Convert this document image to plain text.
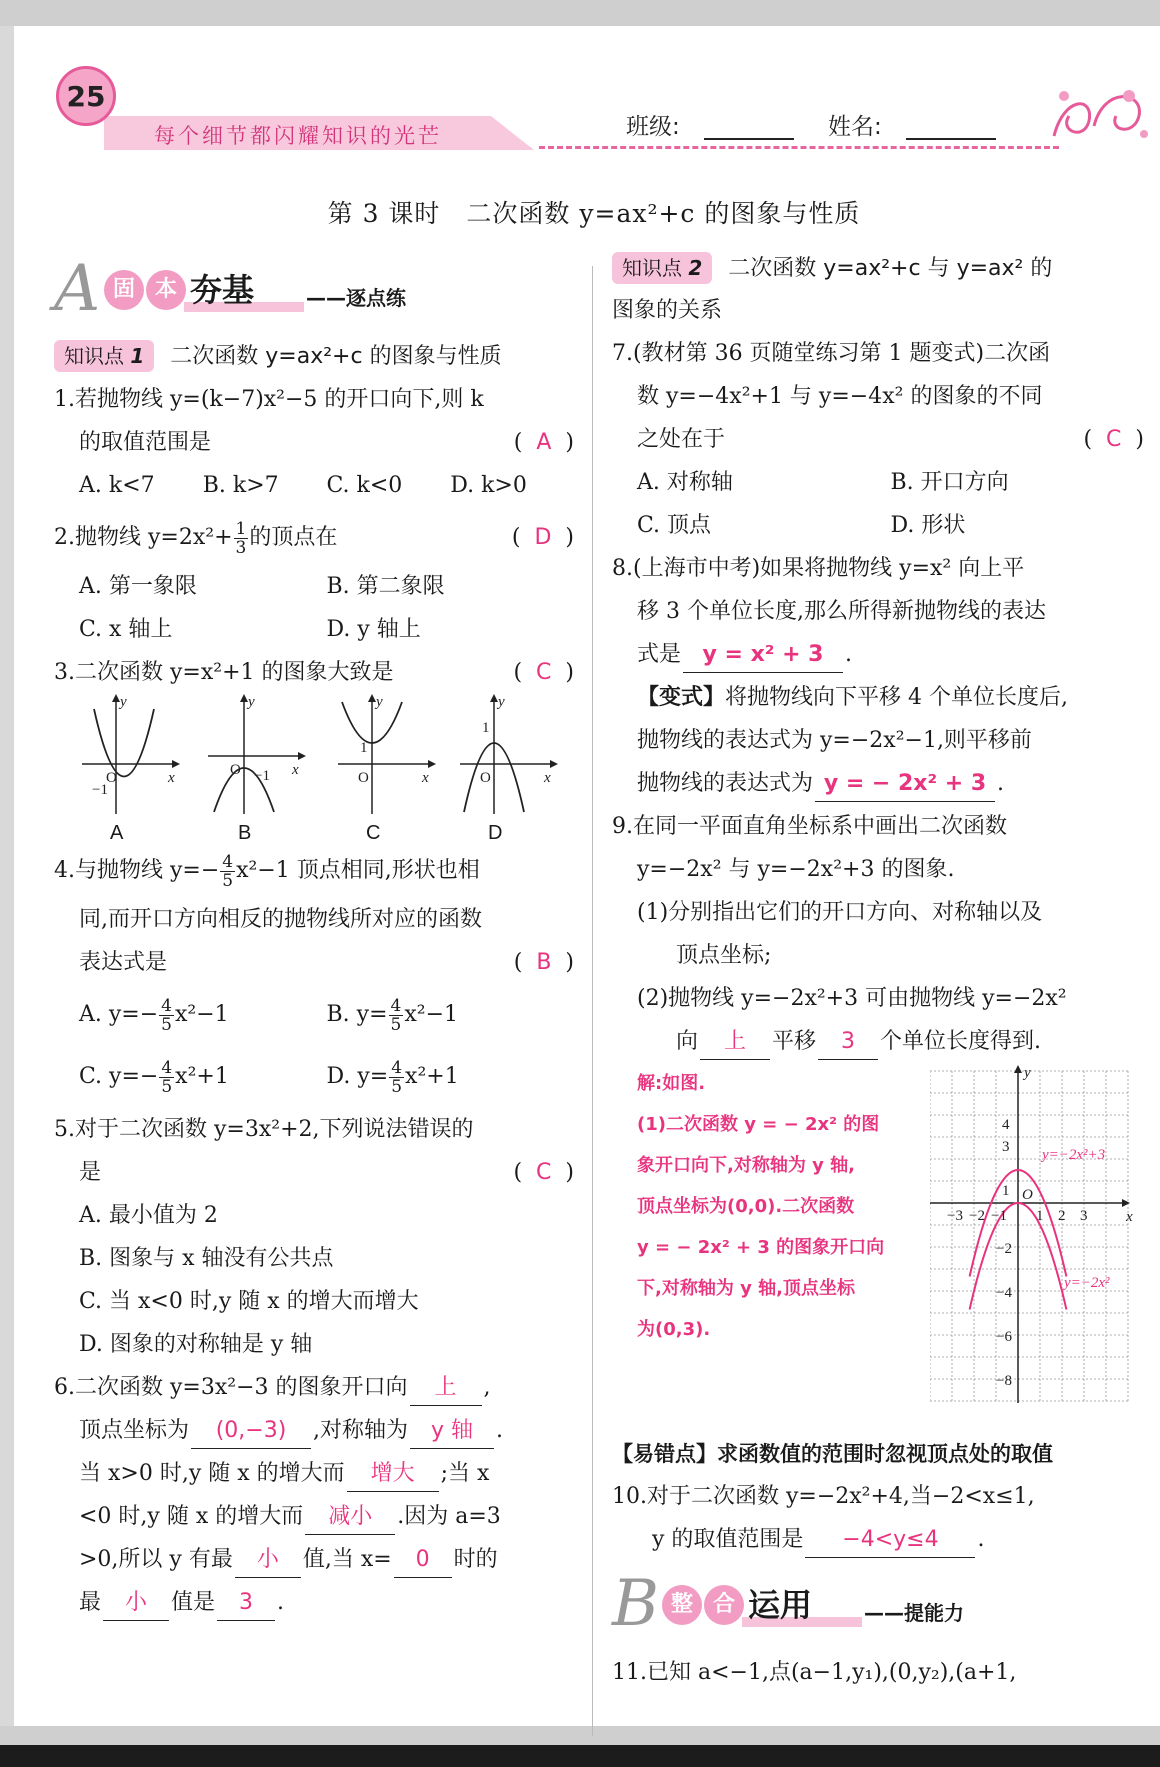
25
每个细节都闪耀知识的光芒	班级:	姓名:
第 3 课时　二次函数 y=ax²+c 的图象与性质
A 固 本 夯基	——逐点练
知识点 1 二次函数 y=ax²+c 的图象与性质
1.若抛物线 y=(k−7)x²−5 的开口向下,则 k
的取值范围是	( A )
A. k<7	B. k>7	C. k<0	D. k>0
2.抛物线 $y=2x^2+ \frac{1}{3}$ 的顶点在	( D )
A. 第一象限	B. 第二象限
C. x 轴上	D. y 轴上
3.二次函数 y=x²+1 的图象大致是	( C )
y
x
O
−1
y
x
O −1
y
x
O
1
y
x
O
1
A	B	C	D
4.与抛物线 $y=- \frac{4}{5} x^2-1$ 顶点相同,形状也相
同,而开口方向相反的抛物线所对应的函数
表达式是	( B )
A. $y=- \frac{4}{5} x^2-1$	B. $y= \frac{4}{5} x^2-1$
C. $y=- \frac{4}{5} x^2+1$	D. $y= \frac{4}{5} x^2+1$
5.对于二次函数 y=3x²+2,下列说法错误的
是	( C )
A. 最小值为 2
B. 图象与 x 轴没有公共点
C. 当 x<0 时,y 随 x 的增大而增大
D. 图象的对称轴是 y 轴
6.二次函数 y=3x²−3 的图象开口向 上 ,
顶点坐标为 (0,−3) ,对称轴为 y 轴 .
当 x>0 时,y 随 x 的增大而 增大 ;当 x
<0 时,y 随 x 的增大而 减小 .因为 a=3
>0,所以 y 有最 小 值,当 x= 0 时的
最 小 值是 3 .
知识点 2 二次函数 y=ax²+c 与 y=ax² 的
图象的关系
7.(教材第 36 页随堂练习第 1 题变式)二次函
数 y=−4x²+1 与 y=−4x² 的图象的不同
之处在于	( C )
A. 对称轴	B. 开口方向
C. 顶点	D. 形状
8.(上海市中考)如果将抛物线 y=x² 向上平
移 3 个单位长度,那么所得新抛物线的表达
式是 y = x² + 3 .
【变式】将抛物线向下平移 4 个单位长度后,
抛物线的表达式为 y=−2x²−1,则平移前
抛物线的表达式为 y = − 2x² + 3 .
9.在同一平面直角坐标系中画出二次函数
y=−2x² 与 y=−2x²+3 的图象.
(1)分别指出它们的开口方向、对称轴以及
顶点坐标;
(2)抛物线 y=−2x²+3 可由抛物线 y=−2x²
向 上 平移 3 个单位长度得到.
解:如图.
(1)二次函数 y = − 2x² 的图
象开口向下,对称轴为 y 轴,
顶点坐标为(0,0).二次函数
y = − 2x² + 3 的图象开口向
下,对称轴为 y 轴,顶点坐标
为(0,3).
y
x
O
−3 −2 −1 1 2 3
4
3
1
−2
−4
−6
−8
y=−2x²+3
y=−2x²
【易错点】求函数值的范围时忽视顶点处的取值
10.对于二次函数 y=−2x²+4,当−2<x≤1,
y 的取值范围是 −4<y≤4 .
B 整 合 运用	——提能力
11.已知 a<−1,点(a−1,y₁),(0,y₂),(a+1,
